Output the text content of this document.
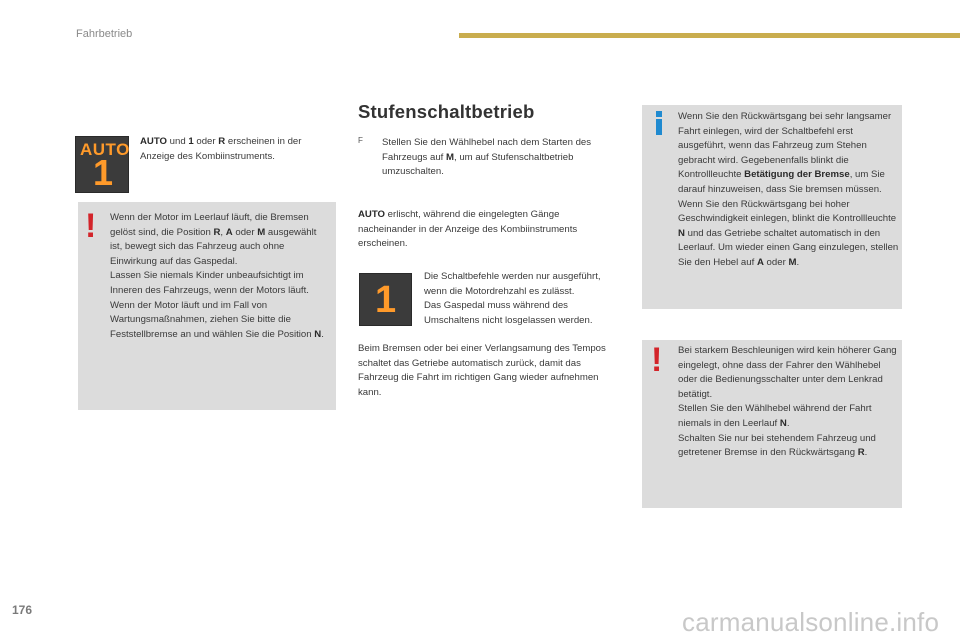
Fahrbetrieb
Stufenschaltbetrieb
AUTO
1
AUTO und 1 oder R erscheinen in der Anzeige des Kombiinstruments.
! Wenn der Motor im Leerlauf läuft, die Bremsen gelöst sind, die Position R, A oder M ausgewählt ist, bewegt sich das Fahrzeug auch ohne Einwirkung auf das Gaspedal.
Lassen Sie niemals Kinder unbeaufsichtigt im Inneren des Fahrzeugs, wenn der Motors läuft. Wenn der Motor läuft und im Fall von Wartungsmaßnahmen, ziehen Sie bitte die Feststellbremse an und wählen Sie die Position N.
F Stellen Sie den Wählhebel nach dem Starten des Fahrzeugs auf M, um auf Stufenschaltbetrieb umzuschalten.
AUTO erlischt, während die eingelegten Gänge nacheinander in der Anzeige des Kombiinstruments erscheinen.
1
Die Schaltbefehle werden nur ausgeführt, wenn die Motordrehzahl es zulässt.
Das Gaspedal muss während des Umschaltens nicht losgelassen werden.
Beim Bremsen oder bei einer Verlangsamung des Tempos schaltet das Getriebe automatisch zurück, damit das Fahrzeug die Fahrt im richtigen Gang wieder aufnehmen kann.
Wenn Sie den Rückwärtsgang bei sehr langsamer Fahrt einlegen, wird der Schaltbefehl erst ausgeführt, wenn das Fahrzeug zum Stehen gebracht wird. Gegebenenfalls blinkt die Kontrollleuchte Betätigung der Bremse, um Sie darauf hinzuweisen, dass Sie bremsen müssen.
Wenn Sie den Rückwärtsgang bei hoher Geschwindigkeit einlegen, blinkt die Kontrollleuchte N und das Getriebe schaltet automatisch in den Leerlauf. Um wieder einen Gang einzulegen, stellen Sie den Hebel auf A oder M.
! Bei starkem Beschleunigen wird kein höherer Gang eingelegt, ohne dass der Fahrer den Wählhebel oder die Bedienungsschalter unter dem Lenkrad betätigt.
Stellen Sie den Wählhebel während der Fahrt niemals in den Leerlauf N.
Schalten Sie nur bei stehendem Fahrzeug und getretener Bremse in den Rückwärtsgang R.
176	carmanualsonline.info
